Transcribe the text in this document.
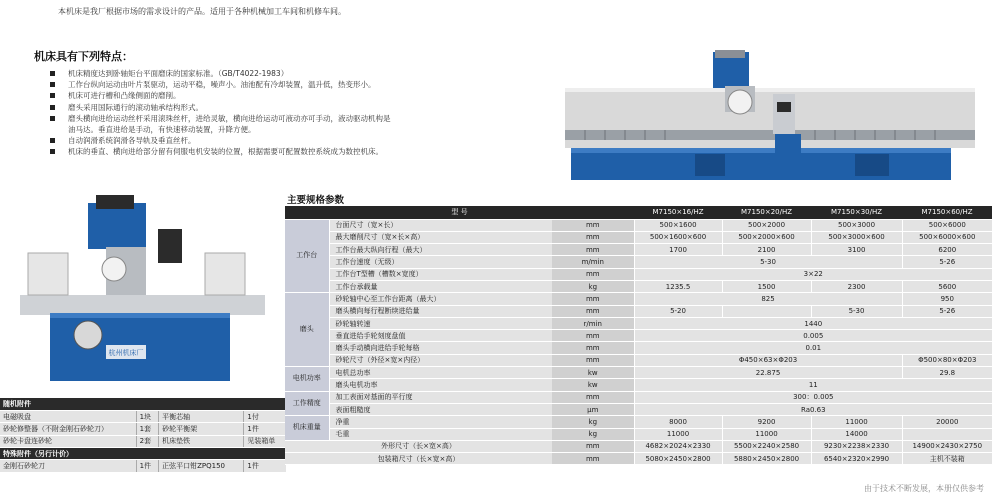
本机床是我厂根据市场的需求设计的产品。适用于各种机械加工车间和机修车间。
机床具有下列特点：
机床精度达到卧轴矩台平面磨床的国家标准。（GB/T4022-1983）
工作台纵向运动由叶片泵驱动，运动平稳，噪声小。油池配有冷却装置，温升低，热变形小。
机床可进行槽和凸缘侧面的磨削。
磨头采用国际通行的滚动轴承结构形式。
磨头横向进给运动丝杆采用滚珠丝杆，进给灵敏，横向进给运动可液动亦可手动，液动驱动机构是
油马达。垂直进给是手动，有快速移动装置，升降方便。
自动润滑系统润滑各导轨及垂直丝杆。
机床的垂直、横向进给部分留有伺服电机安装的位置，根据需要可配置数控系统成为数控机床。
杭州机床厂
随机附件			
电磁吸盘	1块	平衡芯轴	1付
砂轮修整器（不附金刚石砂轮刀）	1套	砂轮平衡架	1件
砂轮卡盘连砂轮	2套	机床垫铁	见装箱单
特殊附件（另行计价）			
金刚石砂轮刀	1件	正弦平口钳ZPQ150	1件
主要规格参数
型 号			M7150×16/HZ	M7150×20/HZ	M7150×30/HZ	M7150×60/HZ
工作台	台面尺寸（宽×长）	mm	500×1600	500×2000	500×3000	500×6000
	最大磨削尺寸（宽×长×高）	mm	500×1600×600	500×2000×600	500×3000×600	500×6000×600
	工作台最大纵向行程（最大）	mm	1700	2100	3100	6200
	工作台速度（无级）	m/min	5-30			5-26
	工作台T型槽（槽数×宽度）	mm	3×22			
	工作台承载量	kg	1235.5	1500	2300	5600
磨头	砂轮轴中心至工作台距离（最大）	mm	825			950
	磨头横向每行程断续进给量	mm	5-20		5-30	5-26
	砂轮轴转速	r/min	1440			
	垂直进给手轮刻度盘值	mm	0.005			
	磨头手动横向进给手轮每格	mm	0.01			
	砂轮尺寸（外径×宽×内径）	mm	Φ450×63×Φ203			Φ500×80×Φ203
电机功率	电机总功率	kw	22.875			29.8
	磨头电机功率	kw	11			
工作精度	加工表面对基面的平行度	mm	300：0.005			
	表面粗糙度	μm	Ra0.63			
机床重量	净重	kg	8000	9200	11000	20000
	毛重	kg	11000	11000	14000	
外形尺寸（长×宽×高）		mm	4682×2024×2330	5500×2240×2580	9230×2238×2330	14900×2430×2750
包装箱尺寸（长×宽×高）		mm	5080×2450×2800	5880×2450×2800	6540×2320×2990	主机不装箱
由于技术不断发展，本册仅供参考
